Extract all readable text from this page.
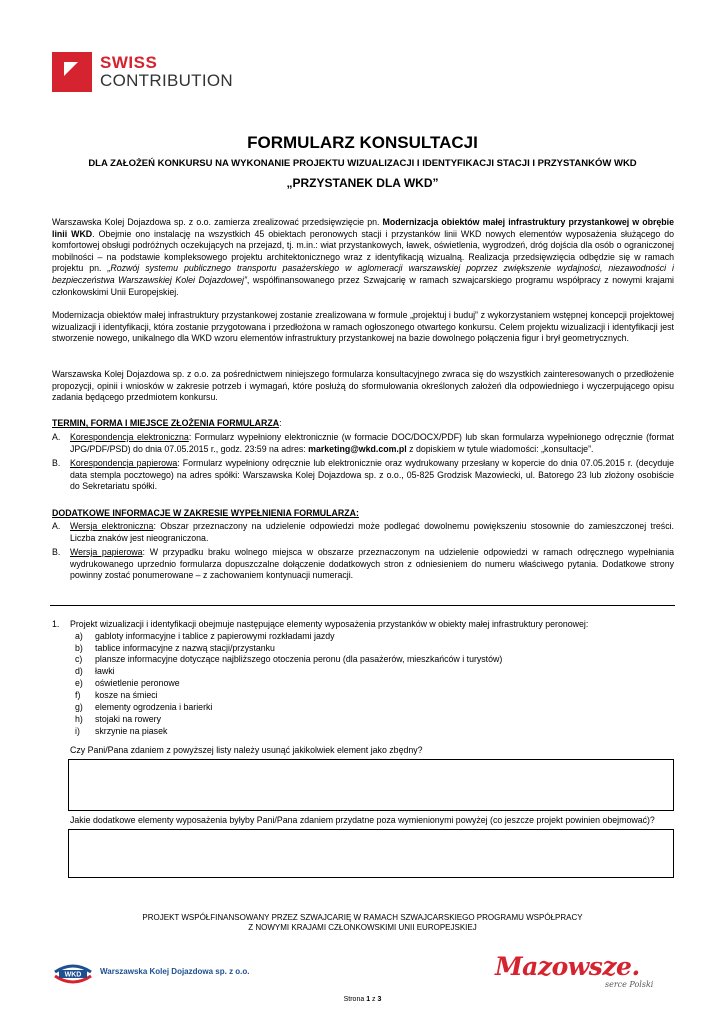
SWISS
CONTRIBUTION
FORMULARZ KONSULTACJI
DLA ZAŁOŻEŃ KONKURSU NA WYKONANIE PROJEKTU WIZUALIZACJI I IDENTYFIKACJI STACJI I PRZYSTANKÓW WKD
„PRZYSTANEK DLA WKD”
Warszawska Kolej Dojazdowa sp. z o.o. zamierza zrealizować przedsięwzięcie pn. Modernizacja obiektów małej infrastruktury przystankowej w obrębie linii WKD. Obejmie ono instalację na wszystkich 45 obiektach peronowych stacji i przystanków linii WKD nowych elementów wyposażenia służącego do komfortowej obsługi podróżnych oczekujących na przejazd, tj. m.in.: wiat przystankowych, ławek, oświetlenia, wygrodzeń, dróg dojścia dla osób o ograniczonej mobilności – na podstawie kompleksowego projektu architektonicznego wraz z identyfikacją wizualną. Realizacja przedsięwzięcia odbędzie się w ramach projektu pn. „Rozwój systemu publicznego transportu pasażerskiego w aglomeracji warszawskiej poprzez zwiększenie wydajności, niezawodności i bezpieczeństwa Warszawskiej Kolei Dojazdowej”, współfinansowanego przez Szwajcarię w ramach szwajcarskiego programu współpracy z nowymi krajami członkowskimi Unii Europejskiej.
Modernizacja obiektów małej infrastruktury przystankowej zostanie zrealizowana w formule „projektuj i buduj” z wykorzystaniem wstępnej koncepcji projektowej wizualizacji i identyfikacji, która zostanie przygotowana i przedłożona w ramach ogłoszonego otwartego konkursu. Celem projektu wizualizacji i identyfikacji jest stworzenie nowego, unikalnego dla WKD wzoru elementów infrastruktury przystankowej na bazie dowolnego połączenia figur i brył geometrycznych.
Warszawska Kolej Dojazdowa sp. z o.o. za pośrednictwem niniejszego formularza konsultacyjnego zwraca się do wszystkich zainteresowanych o przedłożenie propozycji, opinii i wniosków w zakresie potrzeb i wymagań, które posłużą do sformułowania określonych założeń dla odpowiedniego i wyczerpującego opisu zadania będącego przedmiotem konkursu.
TERMIN, FORMA I MIEJSCE ZŁOŻENIA FORMULARZA:
A.	Korespondencja elektroniczna: Formularz wypełniony elektronicznie (w formacie DOC/DOCX/PDF) lub skan formularza wypełnionego odręcznie (format JPG/PDF/PSD) do dnia 07.05.2015 r., godz. 23:59 na adres: marketing@wkd.com.pl z dopiskiem w tytule wiadomości: „konsultacje”.
B.	Korespondencja papierowa: Formularz wypełniony odręcznie lub elektronicznie oraz wydrukowany przesłany w kopercie do dnia 07.05.2015 r. (decyduje data stempla pocztowego) na adres spółki: Warszawska Kolej Dojazdowa sp. z o.o., 05-825 Grodzisk Mazowiecki, ul. Batorego 23 lub złożony osobiście do Sekretariatu spółki.
DODATKOWE INFORMACJE W ZAKRESIE WYPEŁNIENIA FORMULARZA:
A.	Wersja elektroniczna: Obszar przeznaczony na udzielenie odpowiedzi może podlegać dowolnemu powiększeniu stosownie do zamieszczonej treści. Liczba znaków jest nieograniczona.
B.	Wersja papierowa: W przypadku braku wolnego miejsca w obszarze przeznaczonym na udzielenie odpowiedzi w ramach odręcznego wypełniania wydrukowanego uprzednio formularza dopuszczalne dołączenie dodatkowych stron z odniesieniem do numeru właściwego pytania. Dodatkowe strony powinny zostać ponumerowane – z zachowaniem kontynuacji numeracji.
1.	Projekt wizualizacji i identyfikacji obejmuje następujące elementy wyposażenia przystanków w obiekty małej infrastruktury peronowej:
a)	gabloty informacyjne i tablice z papierowymi rozkładami jazdy
b)	tablice informacyjne z nazwą stacji/przystanku
c)	plansze informacyjne dotyczące najbliższego otoczenia peronu (dla pasażerów, mieszkańców i turystów)
d)	ławki
e)	oświetlenie peronowe
f)	kosze na śmieci
g)	elementy ogrodzenia i barierki
h)	stojaki na rowery
i)	skrzynie na piasek
Czy Pani/Pana zdaniem z powyższej listy należy usunąć jakikolwiek element jako zbędny?
Jakie dodatkowe elementy wyposażenia byłyby Pani/Pana zdaniem przydatne poza wymienionymi powyżej (co jeszcze projekt powinien obejmować)?
PROJEKT WSPÓŁFINANSOWANY PRZEZ SZWAJCARIĘ W RAMACH SZWAJCARSKIEGO PROGRAMU WSPÓŁPRACY
Z NOWYMI KRAJAMI CZŁONKOWSKIMI UNII EUROPEJSKIEJ
WKD Warszawska Kolej Dojazdowa sp. z o.o.	Mazowsze.
serce Polski
Strona 1 z 3
